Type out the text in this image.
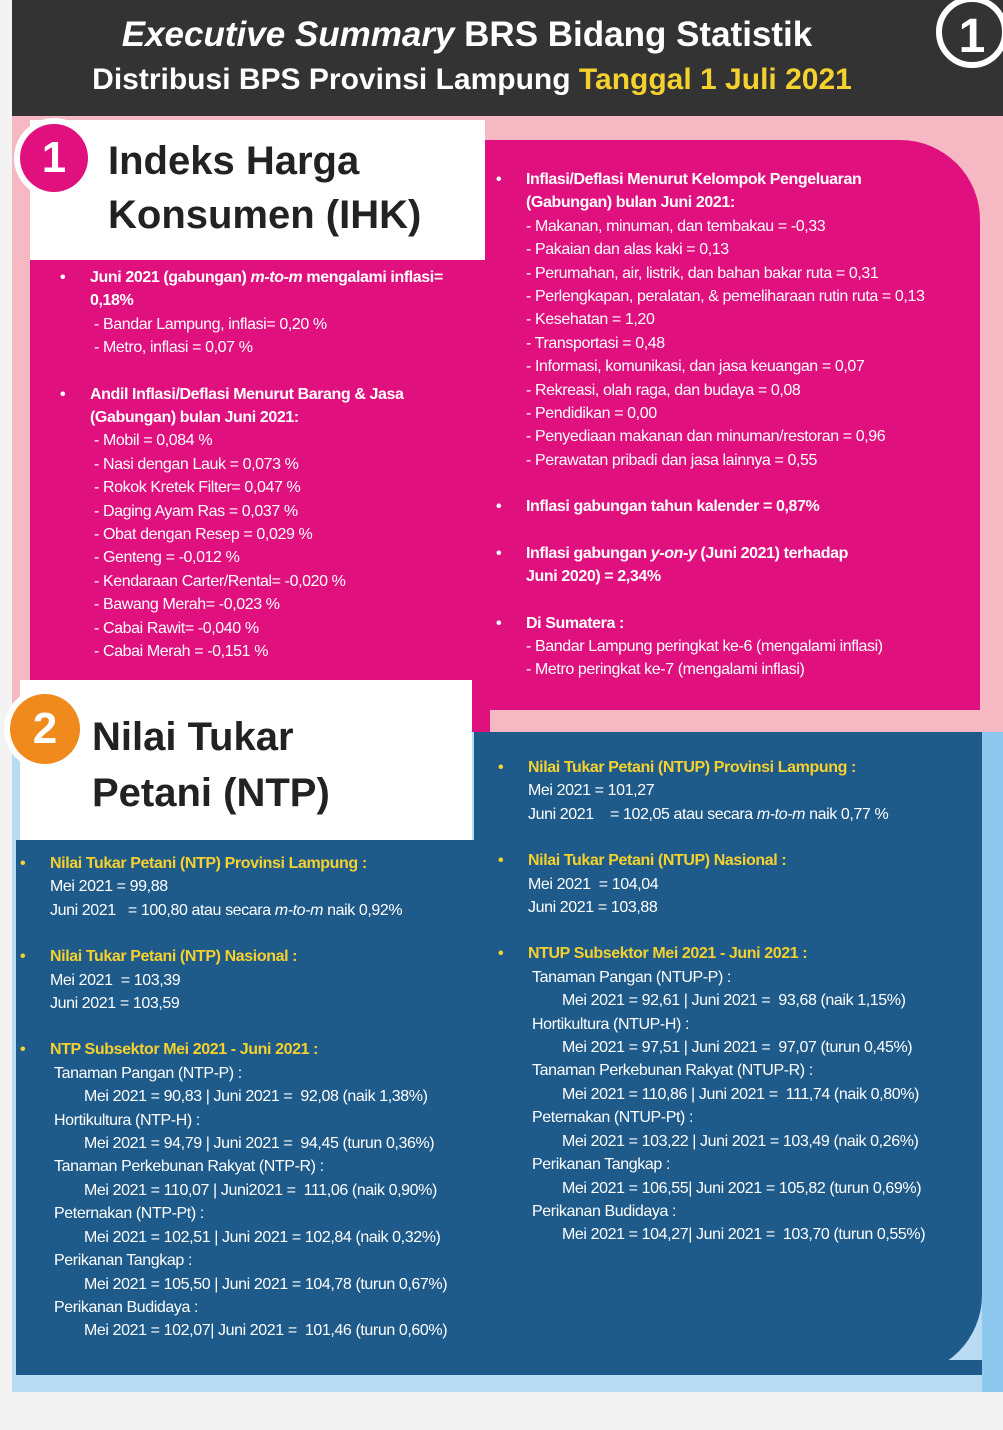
Executive Summary BRS Bidang Statistik
Distribusi BPS Provinsi Lampung Tanggal 1 Juli 2021
1
1	Indeks Harga
Konsumen (IHK)
• Juni 2021 (gabungan) m-to-m mengalami inflasi=
0,18%
- Bandar Lampung, inflasi= 0,20 %
- Metro, inflasi = 0,07 %
• Andil Inflasi/Deflasi Menurut Barang & Jasa
(Gabungan) bulan Juni 2021:
- Mobil = 0,084 %
- Nasi dengan Lauk = 0,073 %
- Rokok Kretek Filter= 0,047 %
- Daging Ayam Ras = 0,037 %
- Obat dengan Resep = 0,029 %
- Genteng = -0,012 %
- Kendaraan Carter/Rental= -0,020 %
- Bawang Merah= -0,023 %
- Cabai Rawit= -0,040 %
- Cabai Merah = -0,151 %
• Inflasi/Deflasi Menurut Kelompok Pengeluaran
(Gabungan) bulan Juni 2021:
- Makanan, minuman, dan tembakau = -0,33
- Pakaian dan alas kaki = 0,13
- Perumahan, air, listrik, dan bahan bakar ruta = 0,31
- Perlengkapan, peralatan, & pemeliharaan rutin ruta = 0,13
- Kesehatan = 1,20
- Transportasi = 0,48
- Informasi, komunikasi, dan jasa keuangan = 0,07
- Rekreasi, olah raga, dan budaya = 0,08
- Pendidikan = 0,00
- Penyediaan makanan dan minuman/restoran = 0,96
- Perawatan pribadi dan jasa lainnya = 0,55
• Inflasi gabungan tahun kalender = 0,87%
• Inflasi gabungan y-on-y (Juni 2021) terhadap
Juni 2020) = 2,34%
• Di Sumatera :
- Bandar Lampung peringkat ke-6 (mengalami inflasi)
- Metro peringkat ke-7 (mengalami inflasi)
2 Nilai Tukar
Petani (NTP)
• Nilai Tukar Petani (NTP) Provinsi Lampung :
Mei 2021 = 99,88
Juni 2021   = 100,80 atau secara m-to-m naik 0,92%
• Nilai Tukar Petani (NTP) Nasional :
Mei 2021  = 103,39
Juni 2021 = 103,59
• NTP Subsektor Mei 2021 - Juni 2021 :
Tanaman Pangan (NTP-P) :
Mei 2021 = 90,83 | Juni 2021 =  92,08 (naik 1,38%)
Hortikultura (NTP-H) :
Mei 2021 = 94,79 | Juni 2021 =  94,45 (turun 0,36%)
Tanaman Perkebunan Rakyat (NTP-R) :
Mei 2021 = 110,07 | Juni2021 =  111,06 (naik 0,90%)
Peternakan (NTP-Pt) :
Mei 2021 = 102,51 | Juni 2021 = 102,84 (naik 0,32%)
Perikanan Tangkap :
Mei 2021 = 105,50 | Juni 2021 = 104,78 (turun 0,67%)
Perikanan Budidaya :
Mei 2021 = 102,07| Juni 2021 =  101,46 (turun 0,60%)
• Nilai Tukar Petani (NTUP) Provinsi Lampung :
Mei 2021 = 101,27
Juni 2021    = 102,05 atau secara m-to-m naik 0,77 %
• Nilai Tukar Petani (NTUP) Nasional :
Mei 2021  = 104,04
Juni 2021 = 103,88
• NTUP Subsektor Mei 2021 - Juni 2021 :
Tanaman Pangan (NTUP-P) :
Mei 2021 = 92,61 | Juni 2021 =  93,68 (naik 1,15%)
Hortikultura (NTUP-H) :
Mei 2021 = 97,51 | Juni 2021 =  97,07 (turun 0,45%)
Tanaman Perkebunan Rakyat (NTUP-R) :
Mei 2021 = 110,86 | Juni 2021 =  111,74 (naik 0,80%)
Peternakan (NTUP-Pt) :
Mei 2021 = 103,22 | Juni 2021 = 103,49 (naik 0,26%)
Perikanan Tangkap :
Mei 2021 = 106,55| Juni 2021 = 105,82 (turun 0,69%)
Perikanan Budidaya :
Mei 2021 = 104,27| Juni 2021 =  103,70 (turun 0,55%)
